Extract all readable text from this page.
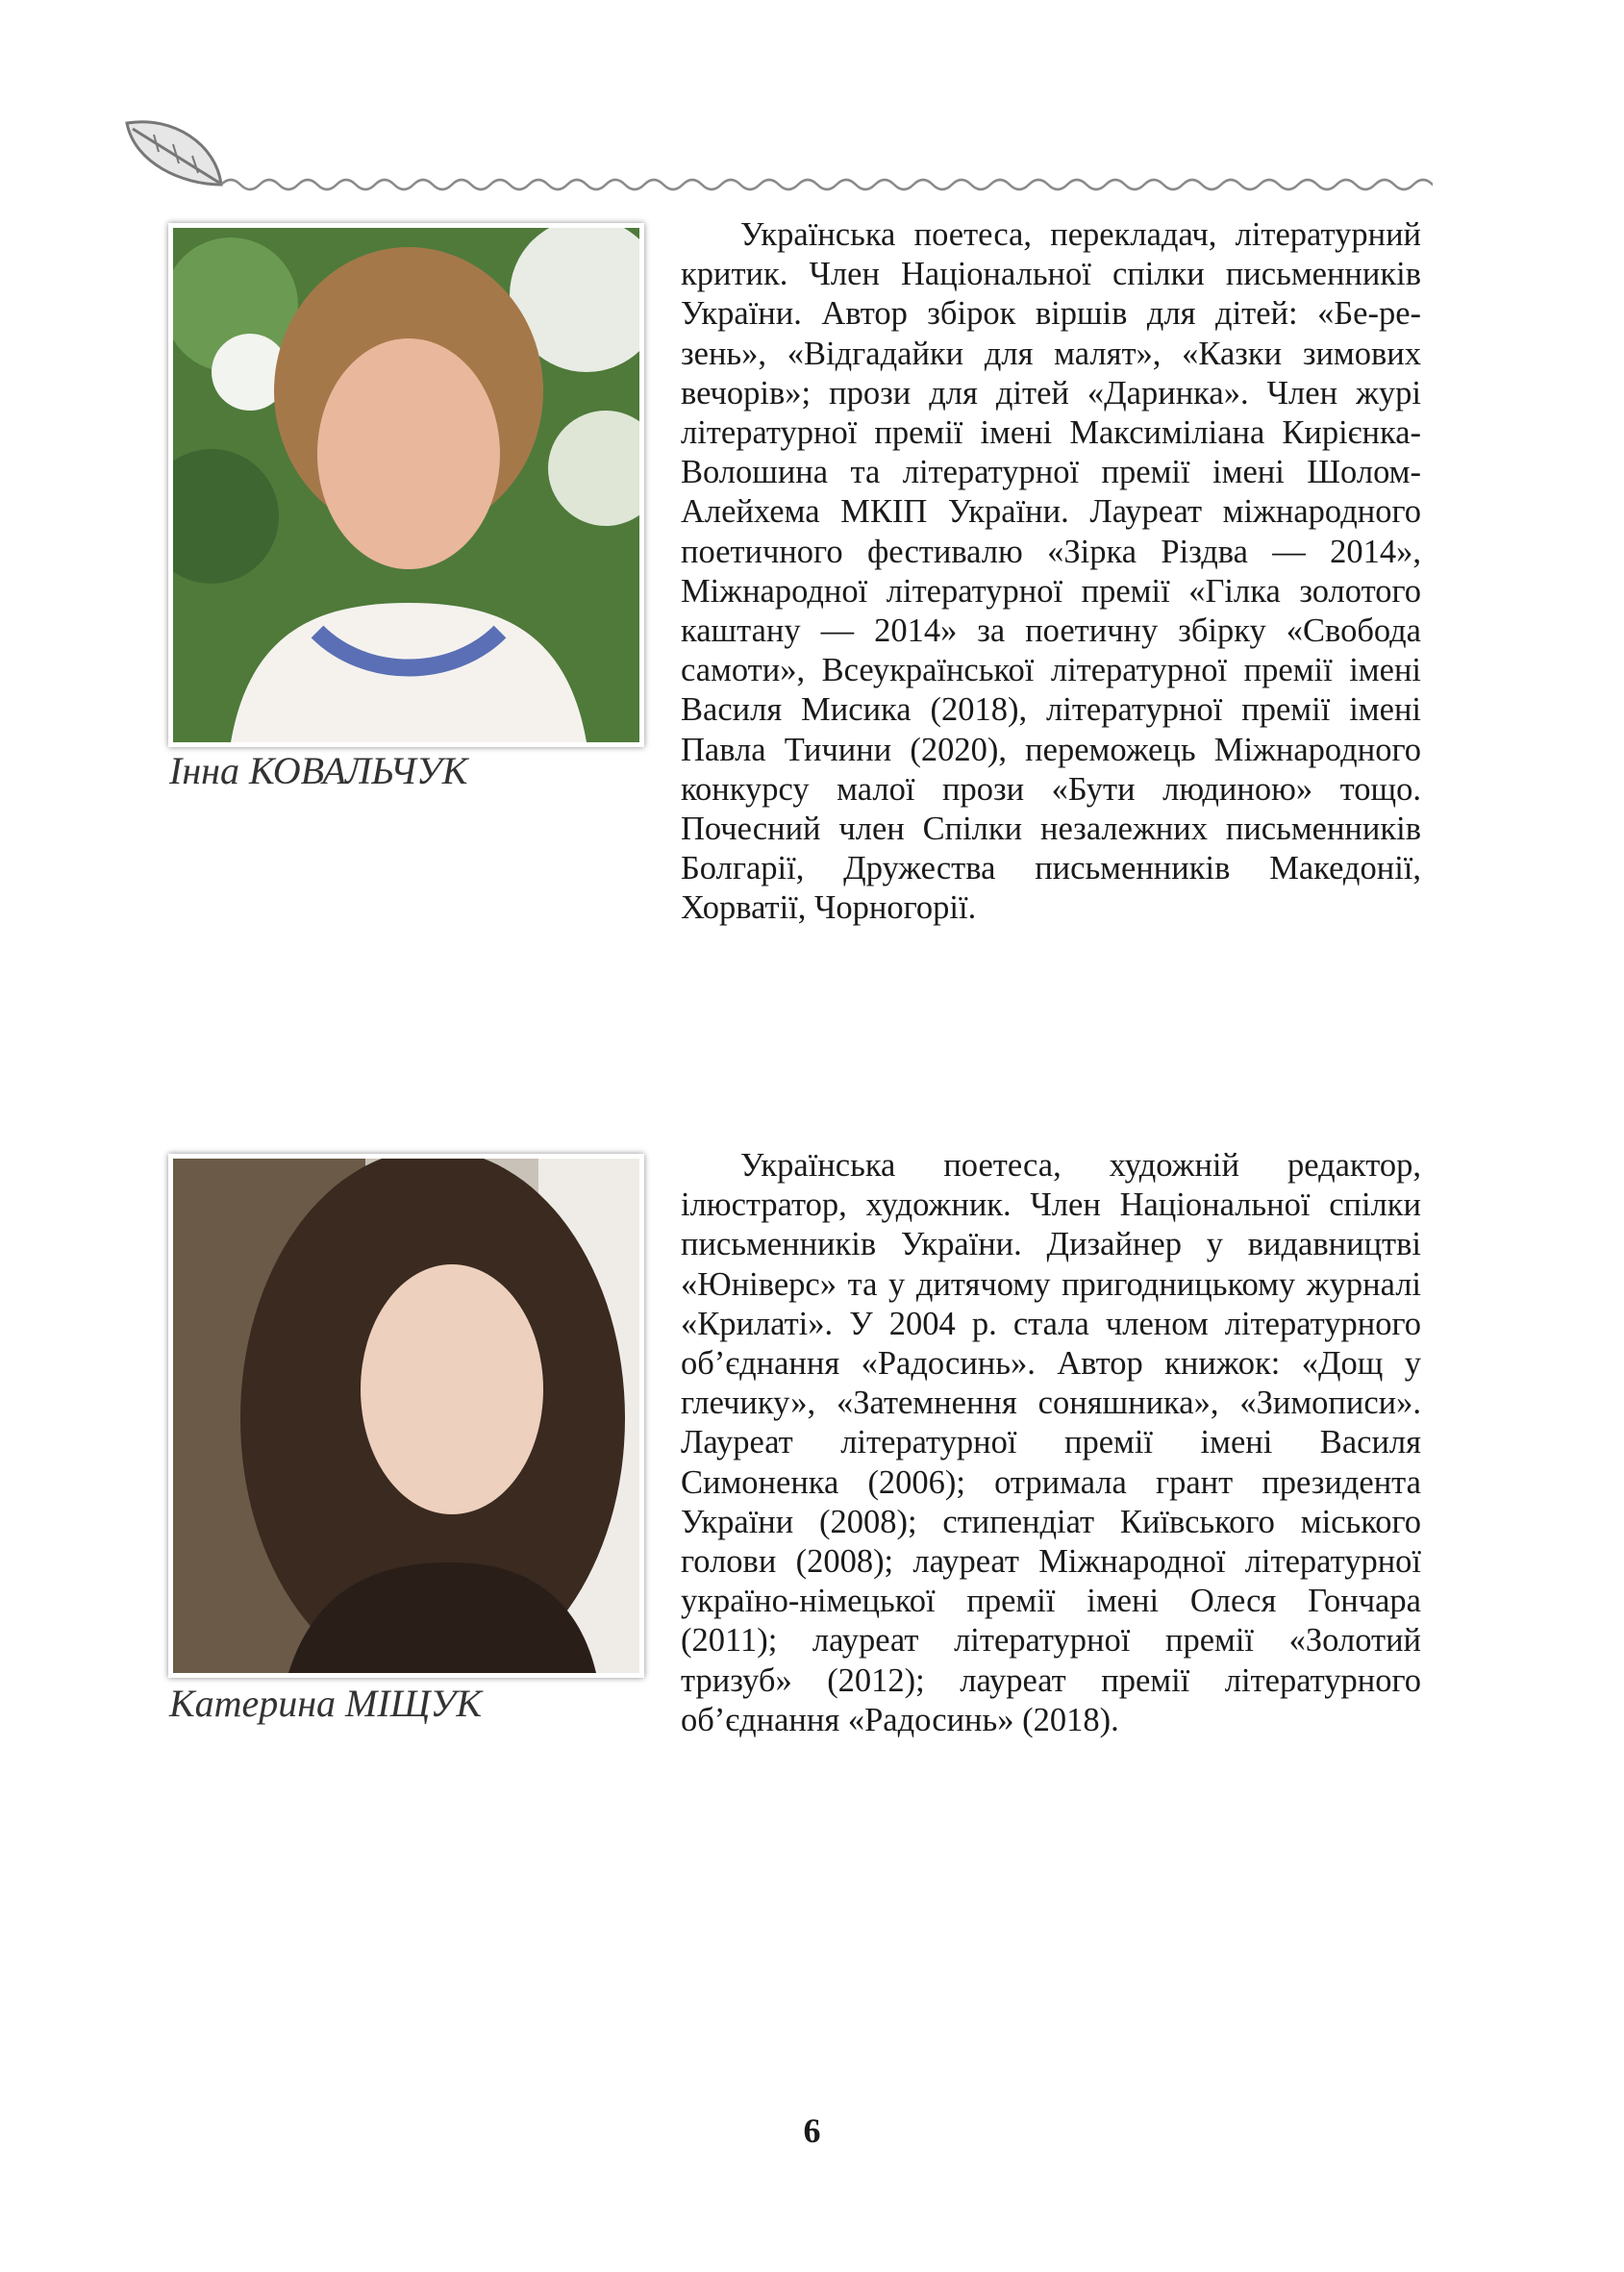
Інна КОВАЛЬЧУК

Українська поетеса, перекладач, літературний критик. Член Національної спілки письменників України. Автор збірок віршів для дітей: «Бе-ре-зень», «Відгадайки для малят», «Казки зимових вечорів»; прози для дітей «Даринка». Член журі літературної премії імені Максиміліана Кирієнка-Волошина та літературної премії імені Шолом-Алейхема МКІП України. Лауреат міжнародного поетичного фестивалю «Зірка Різдва — 2014», Міжнародної літературної премії «Гілка золотого каштану — 2014» за поетичну збірку «Свобода самоти», Всеукраїнської літературної премії імені Василя Мисика (2018), літературної премії імені Павла Тичини (2020), переможець Міжнародного конкурсу малої прози «Бути людиною» тощо. Почесний член Спілки незалежних письменників Болгарії, Дружества письменників Македонії, Хорватії, Чорногорії.

Катерина МІЩУК

Українська поетеса, художній редактор, ілюстратор, художник. Член Національної спілки письменників України. Дизайнер у видавництві «Юніверс» та у дитячому пригодницькому журналі «Крилаті». У 2004 р. стала членом літературного об’єднання «Радосинь». Автор книжок: «Дощ у глечику», «Затемнення соняшника», «Зимописи». Лауреат літературної премії імені Василя Симоненка (2006); отримала грант президента України (2008); стипендіат Київського міського голови (2008); лауреат Міжнародної літературної україно-німецької премії імені Олеся Гончара (2011); лауреат літературної премії «Золотий тризуб» (2012); лауреат премії літературного об’єднання «Радосинь» (2018).

6
